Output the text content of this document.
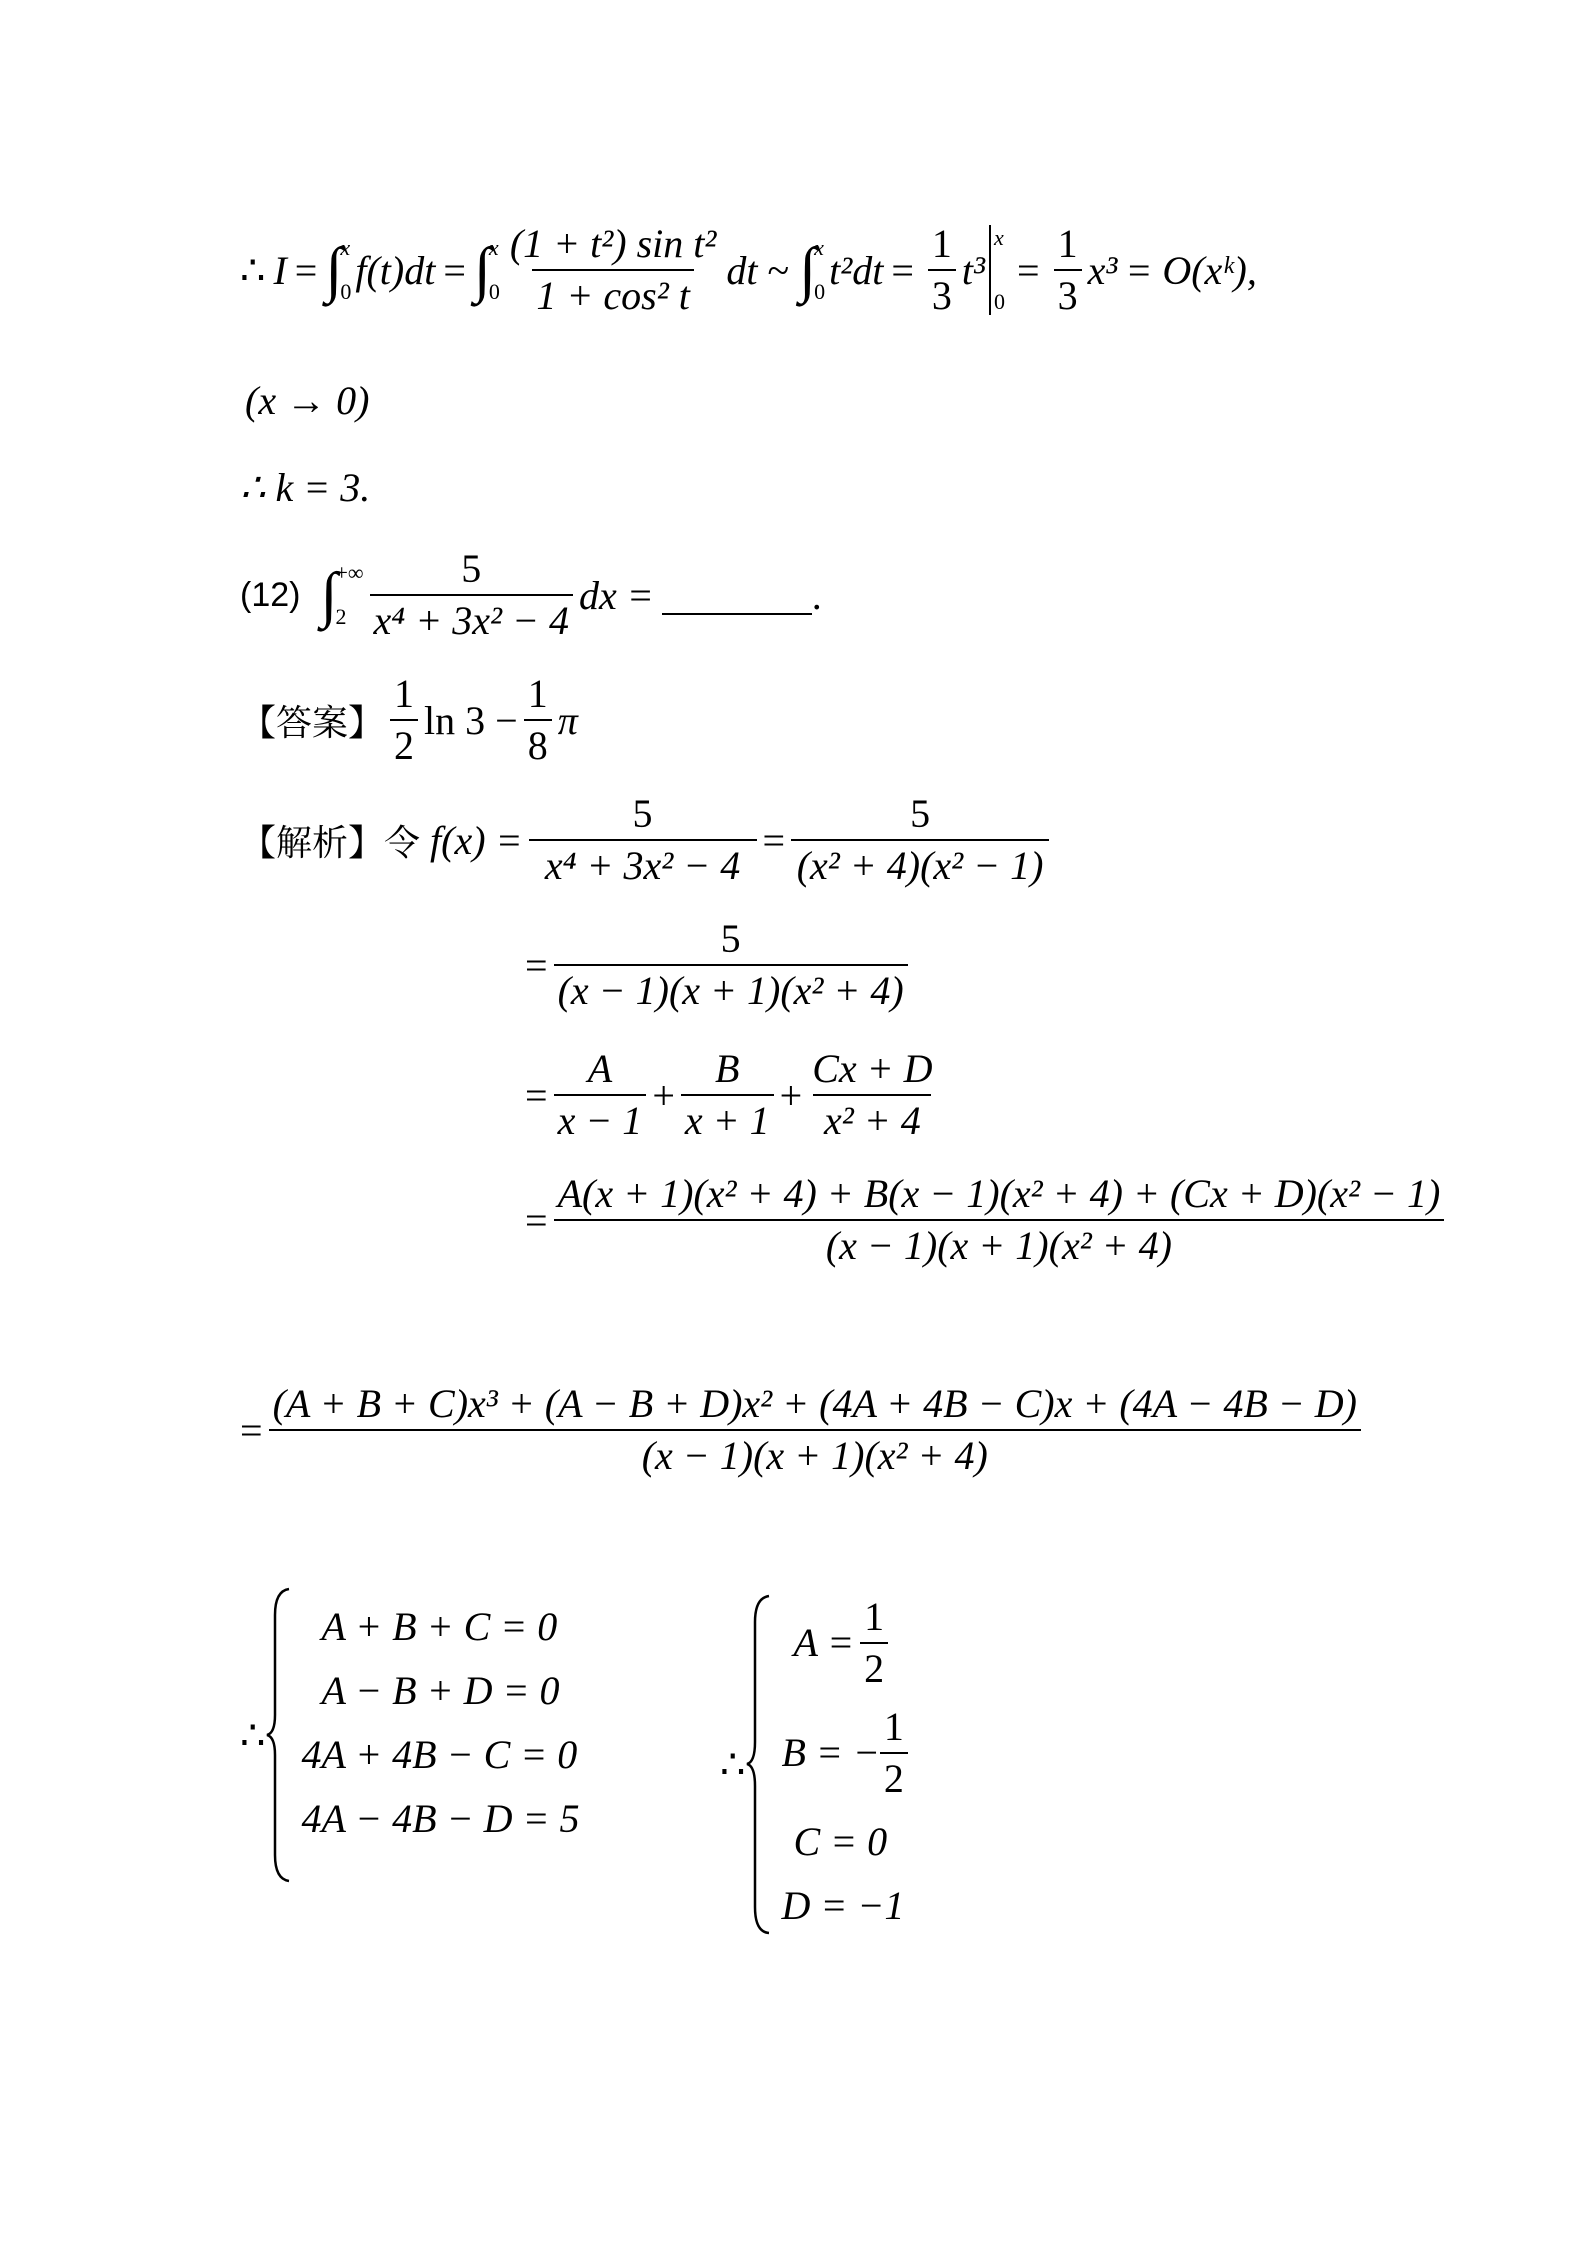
∴ I = ∫
x
0 f(t)dt = ∫
x
0
(1 + t²) sin t²
1 + cos² t
dt ~ ∫
x
0 $t^2dt = \frac{1}{3} t^3$
x
0
= $\frac{1}{3} x^3$ = O(xᵏ),
(x → 0)
∴ k = 3.
(12) ∫
+∞
2
5
x⁴ + 3x² − 4
dx =	.
【答案】
1
2
$\ln 3 - \frac{1}{8}$ π
【解析】令 $f(x) = \frac{5}{\text{x⁴ + 3x² − 4}} = \frac{5}{\text{(x² + 4)(x² − 1)}}$
= $\frac{5}{\text{(x − 1)(x + 1)(x² + 4)}}$
= $\frac{A}{x - 1} + \frac{B}{x + 1} + \frac{Cx + D}{\text{x² + 4}}$
= $\frac{\text{A(x + 1)(x² + 4) + B(x − 1)(x² + 4) + (Cx + D)(x² − 1)}}{\text{(x − 1)(x + 1)(x² + 4)}}$
=
(A + B + C)x³ + (A − B + D)x² + (4A + 4B − C)x + (4A − 4B − D)
(x − 1)(x + 1)(x² + 4)
∴
A + B + C = 0
A − B + D = 0
4A + 4B − C = 0
4A − 4B − D = 5
∴
$A = \frac{1}{2}$
B = − $\frac{1}{2}$
C = 0
D = −1
